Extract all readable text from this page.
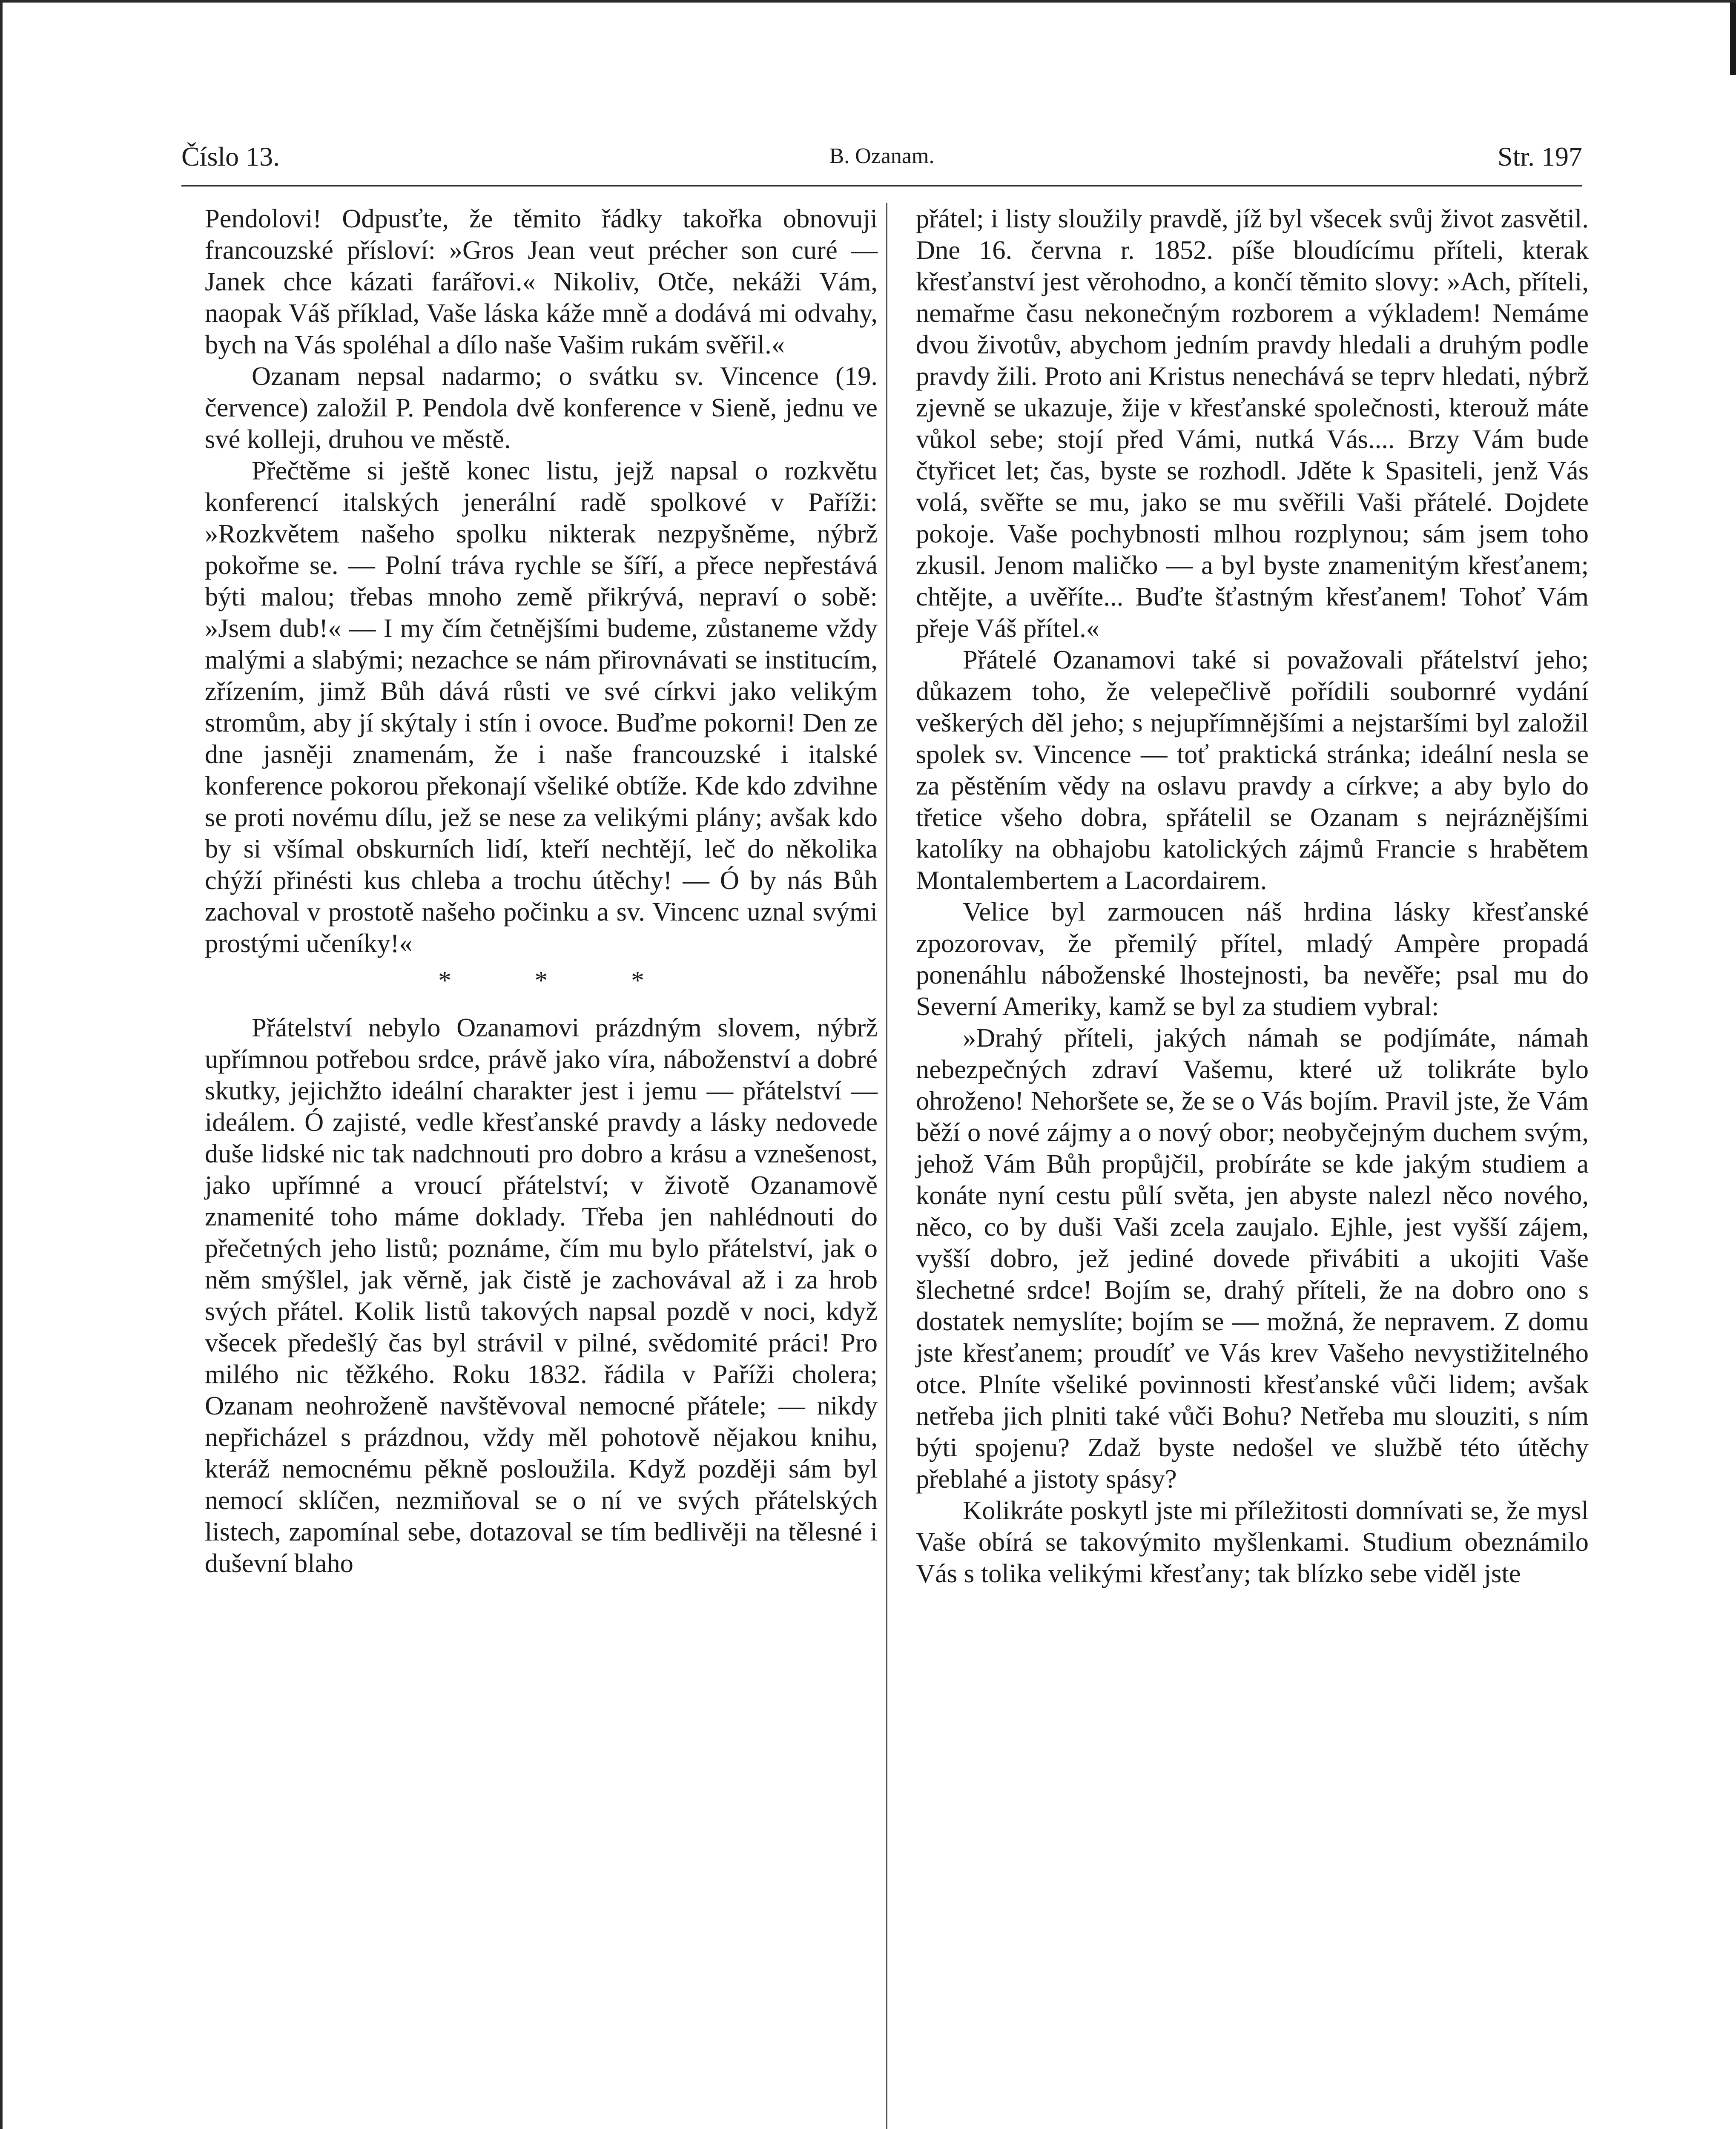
Číslo 13.	B. Ozanam.	Str. 197

Pendolovi! Odpusťte, že těmito řádky takořka obnovuji francouzské přísloví: »Gros Jean veut précher son curé — Janek chce kázati farářovi.« Nikoliv, Otče, nekáži Vám, naopak Váš příklad, Vaše láska káže mně a dodává mi odvahy, bych na Vás spoléhal a dílo naše Vašim rukám svěřil.«

Ozanam nepsal nadarmo; o svátku sv. Vincence (19. července) založil P. Pendola dvě konference v Sieně, jednu ve své kolleji, druhou ve městě.

Přečtěme si ještě konec listu, jejž napsal o rozkvětu konferencí italských jenerální radě spolkové v Paříži: »Rozkvětem našeho spolku nikterak nezpyšněme, nýbrž pokořme se. — Polní tráva rychle se šíří, a přece nepřestává býti malou; třebas mnoho země přikrývá, nepraví o sobě: »Jsem dub!« — I my čím četnějšími budeme, zůstaneme vždy malými a slabými; nezachce se nám přirovnávati se institucím, zřízením, jimž Bůh dává růsti ve své církvi jako velikým stromům, aby jí skýtaly i stín i ovoce. Buďme pokorni! Den ze dne jasněji znamenám, že i naše francouzské i italské konference pokorou překonají všeliké obtíže. Kde kdo zdvihne se proti novému dílu, jež se nese za velikými plány; avšak kdo by si všímal obskurních lidí, kteří nechtějí, leč do několika chýží přinésti kus chleba a trochu útěchy! — Ó by nás Bůh zachoval v prostotě našeho počinku a sv. Vincenc uznal svými prostými učeníky!«

* * *

Přátelství nebylo Ozanamovi prázdným slovem, nýbrž upřímnou potřebou srdce, právě jako víra, náboženství a dobré skutky, jejichžto ideální charakter jest i jemu — přátelství — ideálem. Ó zajisté, vedle křesťanské pravdy a lásky nedovede duše lidské nic tak nadchnouti pro dobro a krásu a vznešenost, jako upřímné a vroucí přátelství; v životě Ozanamově znamenité toho máme doklady. Třeba jen nahlédnouti do přečetných jeho listů; poznáme, čím mu bylo přátelství, jak o něm smýšlel, jak věrně, jak čistě je zachovával až i za hrob svých přátel. Kolik listů takových napsal pozdě v noci, když všecek předešlý čas byl strávil v pilné, svědomité práci! Pro milého nic těžkého. Roku 1832. řádila v Paříži cholera; Ozanam neohroženě navštěvoval nemocné přátele; — nikdy nepřicházel s prázdnou, vždy měl pohotově nějakou knihu, kteráž nemocnému pěkně posloužila. Když později sám byl nemocí sklíčen, nezmiňoval se o ní ve svých přátelských listech, zapomínal sebe, dotazoval se tím bedlivěji na tělesné i duševní blaho

přátel; i listy sloužily pravdě, jíž byl všecek svůj život zasvětil. Dne 16. června r. 1852. píše bloudícímu příteli, kterak křesťanství jest věrohodno, a končí těmito slovy: »Ach, příteli, nemařme času nekonečným rozborem a výkladem! Nemáme dvou životův, abychom jedním pravdy hledali a druhým podle pravdy žili. Proto ani Kristus nenechává se teprv hledati, nýbrž zjevně se ukazuje, žije v křesťanské společnosti, kterouž máte vůkol sebe; stojí před Vámi, nutká Vás.... Brzy Vám bude čtyřicet let; čas, byste se rozhodl. Jděte k Spasiteli, jenž Vás volá, svěřte se mu, jako se mu svěřili Vaši přátelé. Dojdete pokoje. Vaše pochybnosti mlhou rozplynou; sám jsem toho zkusil. Jenom maličko — a byl byste znamenitým křesťanem; chtějte, a uvěříte... Buďte šťastným křesťanem! Tohoť Vám přeje Váš přítel.«

Přátelé Ozanamovi také si považovali přátelství jeho; důkazem toho, že velepečlivě pořídili soubornré vydání veškerých děl jeho; s nejupřímnějšími a nejstaršími byl založil spolek sv. Vincence — toť praktická stránka; ideální nesla se za pěstěním vědy na oslavu pravdy a církve; a aby bylo do třetice všeho dobra, spřátelil se Ozanam s nejráznějšími katolíky na obhajobu katolických zájmů Francie s hrabětem Montalembertem a Lacordairem.

Velice byl zarmoucen náš hrdina lásky křesťanské zpozorovav, že přemilý přítel, mladý Ampère propadá ponenáhlu náboženské lhostejnosti, ba nevěře; psal mu do Severní Ameriky, kamž se byl za studiem vybral:

»Drahý příteli, jakých námah se podjímáte, námah nebezpečných zdraví Vašemu, které už tolikráte bylo ohroženo! Nehoršete se, že se o Vás bojím. Pravil jste, že Vám běží o nové zájmy a o nový obor; neobyčejným duchem svým, jehož Vám Bůh propůjčil, probíráte se kde jakým studiem a konáte nyní cestu půlí světa, jen abyste nalezl něco nového, něco, co by duši Vaši zcela zaujalo. Ejhle, jest vyšší zájem, vyšší dobro, jež jediné dovede přivábiti a ukojiti Vaše šlechetné srdce! Bojím se, drahý příteli, že na dobro ono s dostatek nemyslíte; bojím se — možná, že nepravem. Z domu jste křesťanem; proudíť ve Vás krev Vašeho nevystižitelného otce. Plníte všeliké povinnosti křesťanské vůči lidem; avšak netřeba jich plniti také vůči Bohu? Netřeba mu slouziti, s ním býti spojenu? Zdaž byste nedošel ve službě této útěchy přeblahé a jistoty spásy?

Kolikráte poskytl jste mi příležitosti domnívati se, že mysl Vaše obírá se takovýmito myšlenkami. Studium obeznámilo Vás s tolika velikými křesťany; tak blízko sebe viděl jste
